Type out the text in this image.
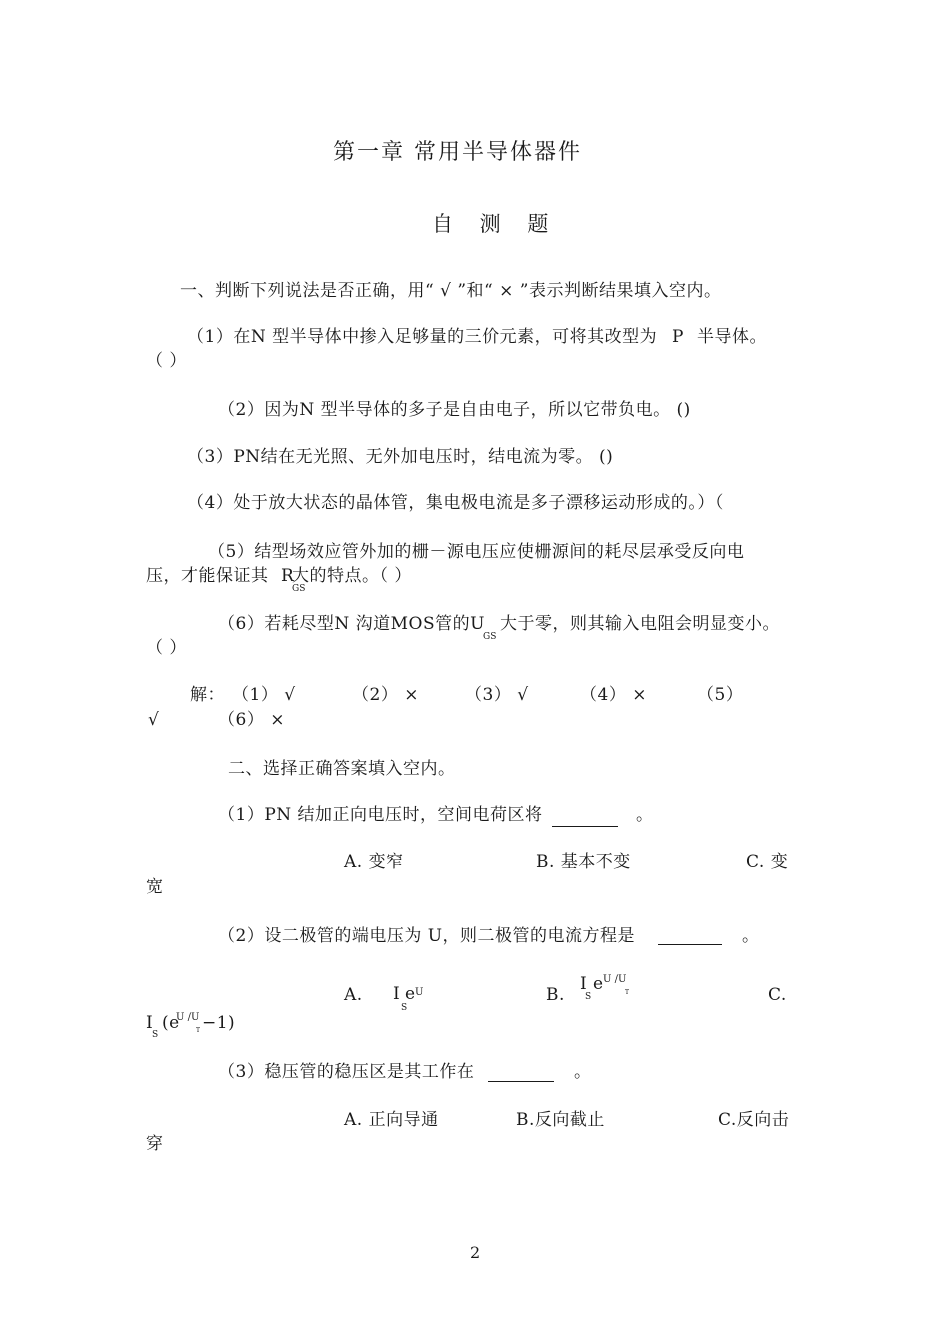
第一章 常用半导体器件
自 测 题
一、判断下列说法是否正确，用“ √ ”和“ × ”表示判断结果填入空内。
（1）在N 型半导体中掺入足够量的三价元素，可将其改型为 P 半导体。
（ ）
（2）因为N 型半导体的多子是自由电子，所以它带负电。 ()
（3）PN结在无光照、无外加电压时，结电流为零。 ()
（4）处于放大状态的晶体管，集电极电流是多子漂移运动形成的。）（
（5）结型场效应管外加的栅－源电压应使栅源间的耗尽层承受反向电
压，才能保证其 R
GS
大的特点。（ ）
（6）若耗尽型N 沟道MOS管的U
GS
大于零，则其输入电阻会明显变小。
（ ）
解： （1） √	（2） ×	（3） √	（4） ×	（5）
√	（6） ×
二、选择正确答案填入空内。
（1）PN 结加正向电压时，空间电荷区将	。
A. 变窄	B. 基本不变	C. 变
宽
（2）设二极管的端电压为 U，则二极管的电流方程是	。
A. I
S
e U	B.
I
S
e U /U
T	C.
I
S
(e
U /U
T −1)
（3）稳压管的稳压区是其工作在	。
A. 正向导通	B.反向截止	C.反向击
穿
2
